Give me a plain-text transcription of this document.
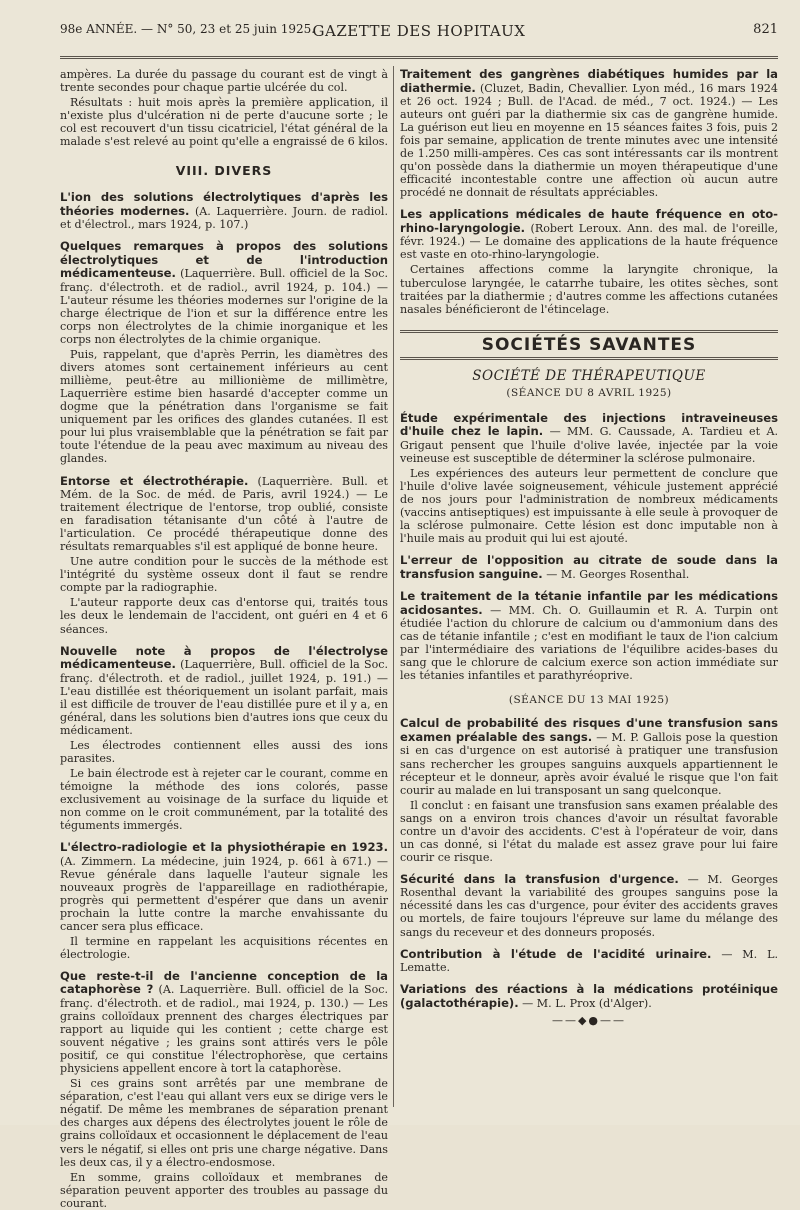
98e ANNÉE. — N° 50, 23 et 25 juin 1925.
GAZETTE DES HOPITAUX	821

ampères. La durée du passage du courant est de vingt à trente secondes pour chaque partie ulcérée du col.

Résultats : huit mois après la première application, il n'existe plus d'ulcération ni de perte d'aucune sorte ; le col est recouvert d'un tissu cicatriciel, l'état général de la malade s'est relevé au point qu'elle a engraissé de 6 kilos.

VIII. DIVERS

L'ion des solutions électrolytiques d'après les théories modernes. (A. Laquerrière. Journ. de radiol. et d'électrol., mars 1924, p. 107.)

Quelques remarques à propos des solutions électrolytiques et de l'introduction médicamenteuse. (Laquerrière. Bull. officiel de la Soc. franç. d'électroth. et de radiol., avril 1924, p. 104.) — L'auteur résume les théories modernes sur l'origine de la charge électrique de l'ion et sur la différence entre les corps non électrolytes de la chimie inorganique et les corps non électrolytes de la chimie organique.

Puis, rappelant, que d'après Perrin, les diamètres des divers atomes sont certainement inférieurs au cent millième, peut-être au millionième de millimètre, Laquerrière estime bien hasardé d'accepter comme un dogme que la pénétration dans l'organisme se fait uniquement par les orifices des glandes cutanées. Il est pour lui plus vraisemblable que la pénétration se fait par toute l'étendue de la peau avec maximum au niveau des glandes.

Entorse et électrothérapie. (Laquerrière. Bull. et Mém. de la Soc. de méd. de Paris, avril 1924.) — Le traitement électrique de l'entorse, trop oublié, consiste en faradisation tétanisante d'un côté à l'autre de l'articulation. Ce procédé thérapeutique donne des résultats remarquables s'il est appliqué de bonne heure.

Une autre condition pour le succès de la méthode est l'intégrité du système osseux dont il faut se rendre compte par la radiographie.

L'auteur rapporte deux cas d'entorse qui, traités tous les deux le lendemain de l'accident, ont guéri en 4 et 6 séances.

Nouvelle note à propos de l'électrolyse médicamenteuse. (Laquerrière, Bull. officiel de la Soc. franç. d'électroth. et de radiol., juillet 1924, p. 191.) — L'eau distillée est théoriquement un isolant parfait, mais il est difficile de trouver de l'eau distillée pure et il y a, en général, dans les solutions bien d'autres ions que ceux du médicament.

Les électrodes contiennent elles aussi des ions parasites.

Le bain électrode est à rejeter car le courant, comme en témoigne la méthode des ions colorés, passe exclusivement au voisinage de la surface du liquide et non comme on le croit communément, par la totalité des téguments immergés.

L'électro-radiologie et la physiothérapie en 1923. (A. Zimmern. La médecine, juin 1924, p. 661 à 671.) — Revue générale dans laquelle l'auteur signale les nouveaux progrès de l'appareillage en radiothérapie, progrès qui permettent d'espérer que dans un avenir prochain la lutte contre la marche envahissante du cancer sera plus efficace.

Il termine en rappelant les acquisitions récentes en électrologie.

Que reste-t-il de l'ancienne conception de la cataphorèse ? (A. Laquerrière. Bull. officiel de la Soc. franç. d'électroth. et de radiol., mai 1924, p. 130.) — Les grains colloïdaux prennent des charges électriques par rapport au liquide qui les contient ; cette charge est souvent négative ; les grains sont attirés vers le pôle positif, ce qui constitue l'électrophorèse, que certains physiciens appellent encore à tort la cataphorèse.

Si ces grains sont arrêtés par une membrane de séparation, c'est l'eau qui allant vers eux se dirige vers le négatif. De même les membranes de séparation prenant des charges aux dépens des électrolytes jouent le rôle de grains colloïdaux et occasionnent le déplacement de l'eau vers le négatif, si elles ont pris une charge négative. Dans les deux cas, il y a électro-endosmose.

En somme, grains colloïdaux et membranes de séparation peuvent apporter des troubles au passage du courant.

Traitement des gangrènes diabétiques humides par la diathermie. (Cluzet, Badin, Chevallier. Lyon méd., 16 mars 1924 et 26 oct. 1924 ; Bull. de l'Acad. de méd., 7 oct. 1924.) — Les auteurs ont guéri par la diathermie six cas de gangrène humide. La guérison eut lieu en moyenne en 15 séances faites 3 fois, puis 2 fois par semaine, application de trente minutes avec une intensité de 1.250 milli-ampères. Ces cas sont intéressants car ils montrent qu'on possède dans la diathermie un moyen thérapeutique d'une efficacité incontestable contre une affection où aucun autre procédé ne donnait de résultats appréciables.

Les applications médicales de haute fréquence en oto-rhino-laryngologie. (Robert Leroux. Ann. des mal. de l'oreille, févr. 1924.) — Le domaine des applications de la haute fréquence est vaste en oto-rhino-laryngologie.

Certaines affections comme la laryngite chronique, la tuberculose laryngée, le catarrhe tubaire, les otites sèches, sont traitées par la diathermie ; d'autres comme les affections cutanées nasales bénéficieront de l'étincelage.

SOCIÉTÉS SAVANTES
SOCIÉTÉ DE THÉRAPEUTIQUE
(SÉANCE DU 8 AVRIL 1925)

Étude expérimentale des injections intraveineuses d'huile chez le lapin. — MM. G. Caussade, A. Tardieu et A. Grigaut pensent que l'huile d'olive lavée, injectée par la voie veineuse est susceptible de déterminer la sclérose pulmonaire.

Les expériences des auteurs leur permettent de conclure que l'huile d'olive lavée soigneusement, véhicule justement apprécié de nos jours pour l'administration de nombreux médicaments (vaccins antiseptiques) est impuissante à elle seule à provoquer de la sclérose pulmonaire. Cette lésion est donc imputable non à l'huile mais au produit qui lui est ajouté.

L'erreur de l'opposition au citrate de soude dans la transfusion sanguine. — M. Georges Rosenthal.

Le traitement de la tétanie infantile par les médications acidosantes. — MM. Ch. O. Guillaumin et R. A. Turpin ont étudiée l'action du chlorure de calcium ou d'ammonium dans des cas de tétanie infantile ; c'est en modifiant le taux de l'ion calcium par l'intermédiaire des variations de l'équilibre acides-bases du sang que le chlorure de calcium exerce son action immédiate sur les tétanies infantiles et parathyréoprive.

(SÉANCE DU 13 MAI 1925)

Calcul de probabilité des risques d'une transfusion sans examen préalable des sangs. — M. P. Gallois pose la question si en cas d'urgence on est autorisé à pratiquer une transfusion sans rechercher les groupes sanguins auxquels appartiennent le récepteur et le donneur, après avoir évalué le risque que l'on fait courir au malade en lui transposant un sang quelconque.

Il conclut : en faisant une transfusion sans examen préalable des sangs on a environ trois chances d'avoir un résultat favorable contre un d'avoir des accidents. C'est à l'opérateur de voir, dans un cas donné, si l'état du malade est assez grave pour lui faire courir ce risque.

Sécurité dans la transfusion d'urgence. — M. Georges Rosenthal devant la variabilité des groupes sanguins pose la nécessité dans les cas d'urgence, pour éviter des accidents graves ou mortels, de faire toujours l'épreuve sur lame du mélange des sangs du receveur et des donneurs proposés.

Contribution à l'étude de l'acidité urinaire. — M. L. Lematte.

Variations des réactions à la médications protéinique (galactothérapie). — M. L. Prox (d'Alger).

——◆●——
